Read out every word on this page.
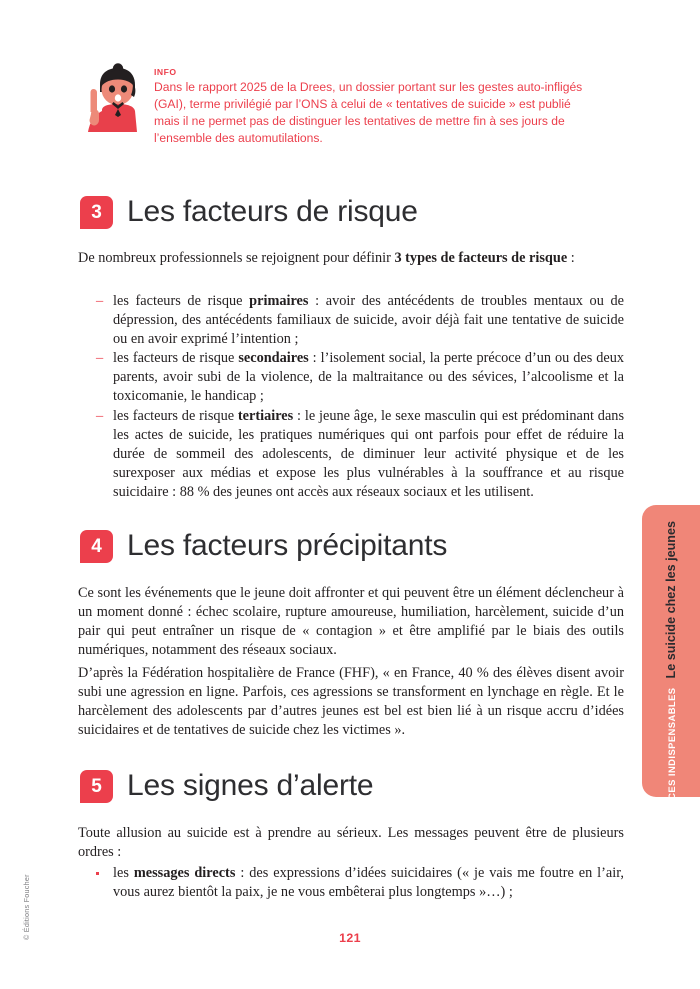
© Éditions Foucher
LES CONNAISSANCES INDISPENSABLES
Le suicide chez les jeunes
INFO
Dans le rapport 2025 de la Drees, un dossier portant sur les gestes auto-infligés (GAI), terme privilégié par l’ONS à celui de « tentatives de suicide » est publié mais il ne permet pas de distinguer les tentatives de mettre fin à ses jours de l’ensemble des automutilations.
3 Les facteurs de risque
De nombreux professionnels se rejoignent pour définir 3 types de facteurs de risque :
– les facteurs de risque primaires : avoir des antécédents de troubles mentaux ou de dépression, des antécédents familiaux de suicide, avoir déjà fait une tentative de suicide ou en avoir exprimé l’intention ;
– les facteurs de risque secondaires : l’isolement social, la perte précoce d’un ou des deux parents, avoir subi de la violence, de la maltraitance ou des sévices, l’alcoolisme et la toxicomanie, le handicap ;
– les facteurs de risque tertiaires : le jeune âge, le sexe masculin qui est prédominant dans les actes de suicide, les pratiques numériques qui ont parfois pour effet de réduire la durée de sommeil des adolescents, de diminuer leur activité physique et de les surexposer aux médias et expose les plus vulnérables à la souffrance et au risque suicidaire : 88 % des jeunes ont accès aux réseaux sociaux et les utilisent.
4 Les facteurs précipitants
Ce sont les événements que le jeune doit affronter et qui peuvent être un élément déclencheur à un moment donné : échec scolaire, rupture amoureuse, humiliation, harcèlement, suicide d’un pair qui peut entraîner un risque de « contagion » et être amplifié par le biais des outils numériques, notamment des réseaux sociaux.
D’après la Fédération hospitalière de France (FHF), « en France, 40 % des élèves disent avoir subi une agression en ligne. Parfois, ces agressions se transforment en lynchage en règle. Et le harcèlement des adolescents par d’autres jeunes est bel est bien lié à un risque accru d’idées suicidaires et de tentatives de suicide chez les victimes ».
5 Les signes d’alerte
Toute allusion au suicide est à prendre au sérieux. Les messages peuvent être de plusieurs ordres :
les messages directs : des expressions d’idées suicidaires (« je vais me foutre en l’air, vous aurez bientôt la paix, je ne vous embêterai plus longtemps »…) ;
121
